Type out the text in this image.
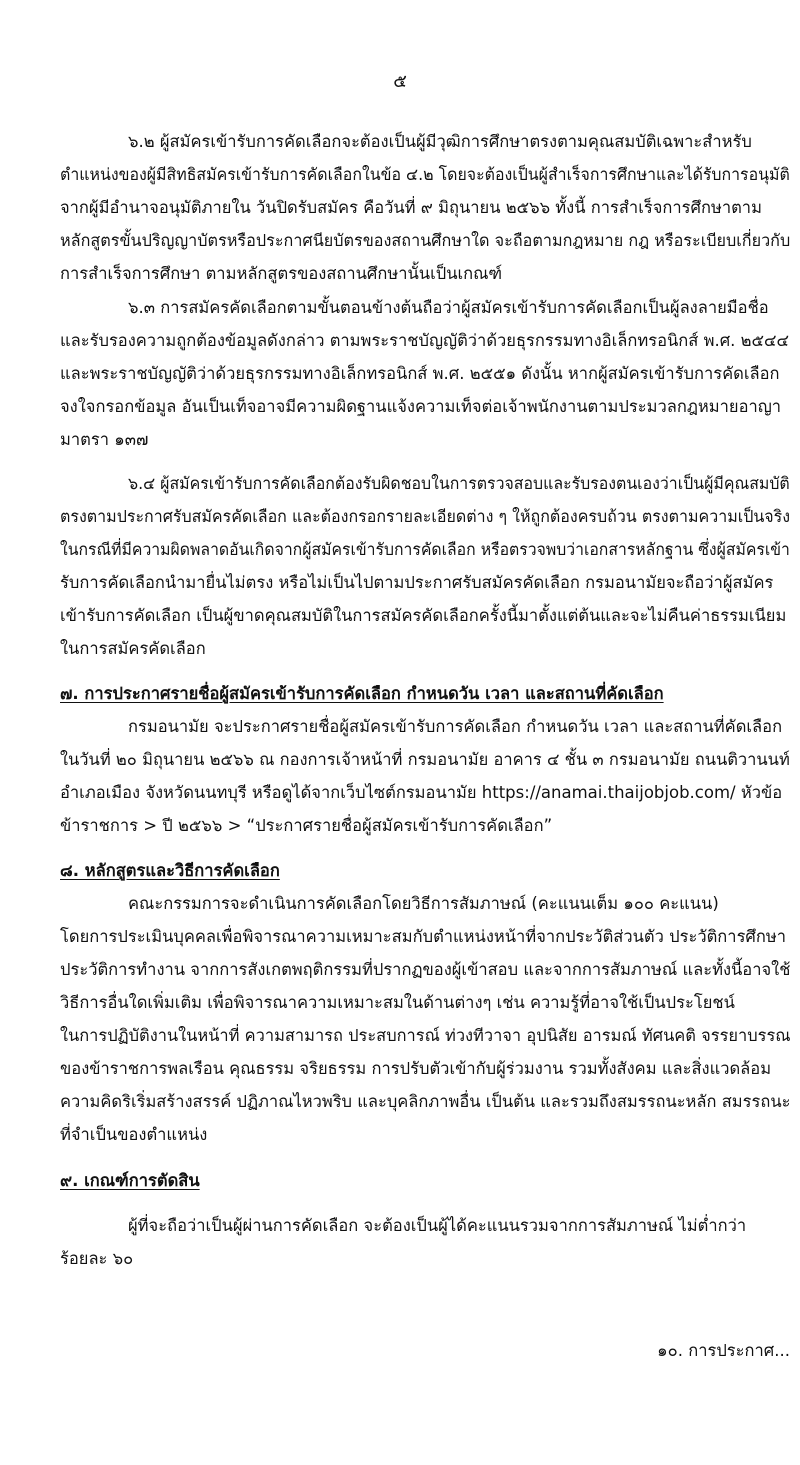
๕
๖.๒ ผู้สมัครเข้ารับการคัดเลือกจะต้องเป็นผู้มีวุฒิการศึกษาตรงตามคุณสมบัติเฉพาะสำหรับ
ตำแหน่งของผู้มีสิทธิสมัครเข้ารับการคัดเลือกในข้อ ๔.๒ โดยจะต้องเป็นผู้สำเร็จการศึกษาและได้รับการอนุมัติ
จากผู้มีอำนาจอนุมัติภายใน วันปิดรับสมัคร คือวันที่ ๙ มิถุนายน ๒๕๖๖ ทั้งนี้ การสำเร็จการศึกษาตาม
หลักสูตรขั้นปริญญาบัตรหรือประกาศนียบัตรของสถานศึกษาใด จะถือตามกฎหมาย กฎ หรือระเบียบเกี่ยวกับ
การสำเร็จการศึกษา ตามหลักสูตรของสถานศึกษานั้นเป็นเกณฑ์
๖.๓ การสมัครคัดเลือกตามขั้นตอนข้างต้นถือว่าผู้สมัครเข้ารับการคัดเลือกเป็นผู้ลงลายมือชื่อ
และรับรองความถูกต้องข้อมูลดังกล่าว ตามพระราชบัญญัติว่าด้วยธุรกรรมทางอิเล็กทรอนิกส์ พ.ศ. ๒๕๔๔
และพระราชบัญญัติว่าด้วยธุรกรรมทางอิเล็กทรอนิกส์ พ.ศ. ๒๕๕๑ ดังนั้น หากผู้สมัครเข้ารับการคัดเลือก
จงใจกรอกข้อมูล อันเป็นเท็จอาจมีความผิดฐานแจ้งความเท็จต่อเจ้าพนักงานตามประมวลกฎหมายอาญา
มาตรา ๑๓๗
๖.๔ ผู้สมัครเข้ารับการคัดเลือกต้องรับผิดชอบในการตรวจสอบและรับรองตนเองว่าเป็นผู้มีคุณสมบัติ
ตรงตามประกาศรับสมัครคัดเลือก และต้องกรอกรายละเอียดต่าง ๆ ให้ถูกต้องครบถ้วน ตรงตามความเป็นจริง
ในกรณีที่มีความผิดพลาดอันเกิดจากผู้สมัครเข้ารับการคัดเลือก หรือตรวจพบว่าเอกสารหลักฐาน ซึ่งผู้สมัครเข้า
รับการคัดเลือกนำมายื่นไม่ตรง หรือไม่เป็นไปตามประกาศรับสมัครคัดเลือก กรมอนามัยจะถือว่าผู้สมัคร
เข้ารับการคัดเลือก เป็นผู้ขาดคุณสมบัติในการสมัครคัดเลือกครั้งนี้มาตั้งแต่ต้นและจะไม่คืนค่าธรรมเนียม
ในการสมัครคัดเลือก
๗. การประกาศรายชื่อผู้สมัครเข้ารับการคัดเลือก กำหนดวัน เวลา และสถานที่คัดเลือก
กรมอนามัย จะประกาศรายชื่อผู้สมัครเข้ารับการคัดเลือก กำหนดวัน เวลา และสถานที่คัดเลือก
ในวันที่ ๒๐ มิถุนายน ๒๕๖๖ ณ กองการเจ้าหน้าที่ กรมอนามัย อาคาร ๔ ชั้น ๓ กรมอนามัย ถนนติวานนท์
อำเภอเมือง จังหวัดนนทบุรี หรือดูได้จากเว็บไซต์กรมอนามัย https://anamai.thaijobjob.com/ หัวข้อ
ข้าราชการ > ปี ๒๕๖๖ > “ประกาศรายชื่อผู้สมัครเข้ารับการคัดเลือก”
๘. หลักสูตรและวิธีการคัดเลือก
คณะกรรมการจะดำเนินการคัดเลือกโดยวิธีการสัมภาษณ์ (คะแนนเต็ม ๑๐๐ คะแนน)
โดยการประเมินบุคคลเพื่อพิจารณาความเหมาะสมกับตำแหน่งหน้าที่จากประวัติส่วนตัว ประวัติการศึกษา
ประวัติการทำงาน จากการสังเกตพฤติกรรมที่ปรากฏของผู้เข้าสอบ และจากการสัมภาษณ์ และทั้งนี้อาจใช้
วิธีการอื่นใดเพิ่มเติม เพื่อพิจารณาความเหมาะสมในด้านต่างๆ เช่น ความรู้ที่อาจใช้เป็นประโยชน์
ในการปฏิบัติงานในหน้าที่ ความสามารถ ประสบการณ์ ท่วงทีวาจา อุปนิสัย อารมณ์ ทัศนคติ จรรยาบรรณ
ของข้าราชการพลเรือน คุณธรรม จริยธรรม การปรับตัวเข้ากับผู้ร่วมงาน รวมทั้งสังคม และสิ่งแวดล้อม
ความคิดริเริ่มสร้างสรรค์ ปฏิภาณไหวพริบ และบุคลิกภาพอื่น เป็นต้น และรวมถึงสมรรถนะหลัก สมรรถนะ
ที่จำเป็นของตำแหน่ง
๙. เกณฑ์การตัดสิน
ผู้ที่จะถือว่าเป็นผู้ผ่านการคัดเลือก จะต้องเป็นผู้ได้คะแนนรวมจากการสัมภาษณ์ ไม่ต่ำกว่า
ร้อยละ ๖๐
๑๐. การประกาศ...
